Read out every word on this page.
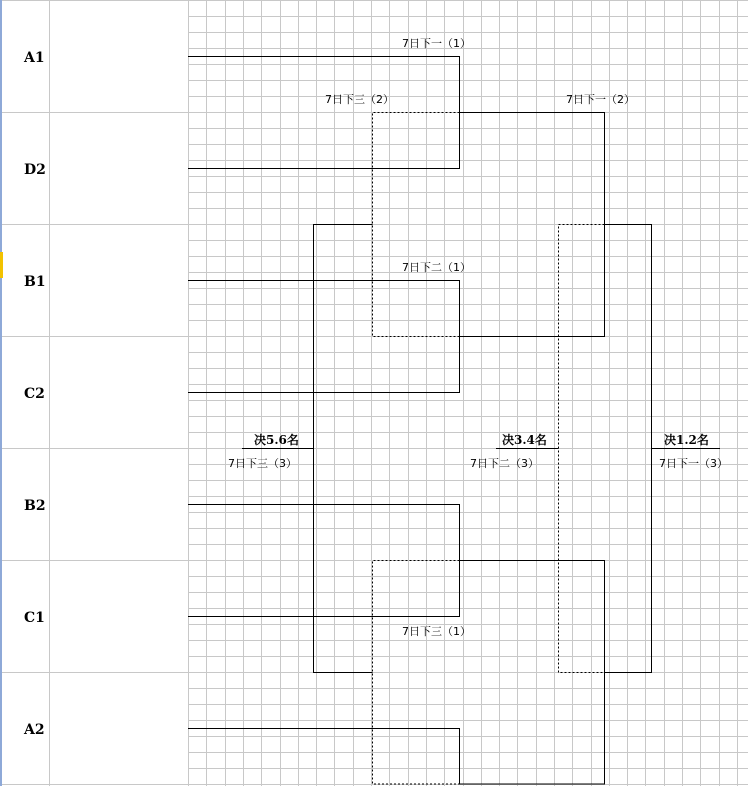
A1
D2
B1
C2
B2
C1
A2
7日下一（1）
7日下三（2）	7日下一（2）
7日下二（1）
7日下三（3）	7日下二（3）	7日下一（3）
7日下三（1）
决5.6名	决3.4名	决1.2名
